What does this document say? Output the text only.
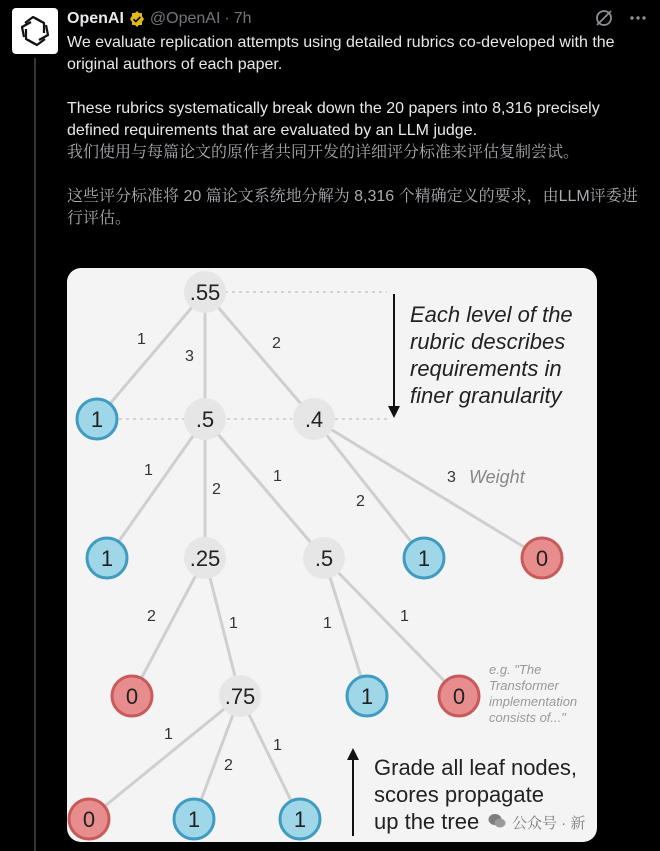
OpenAI @OpenAI · 7h

We evaluate replication attempts using detailed rubrics co-developed with the original authors of each paper.

These rubrics systematically break down the 20 papers into 8,316 precisely defined requirements that are evaluated by an LLM judge.

我们使用与每篇论文的原作者共同开发的详细评分标准来评估复制尝试。

这些评分标准将 20 篇论文系统地分解为 8,316 个精确定义的要求，由LLM评委进行评估。

1
3
2
1
2
1
2
3
2	1	1	1
1
2
1
Weight
.55
1	.5	.4
1	.25	.5	1	0
0	.75	1	0
0	1	1
Each level of the
rubric describes
requirements in
finer granularity
e.g. "The
Transformer
implementation
consists of..."
Grade all leaf nodes,
scores propagate
up the tree 公众号 · 新
